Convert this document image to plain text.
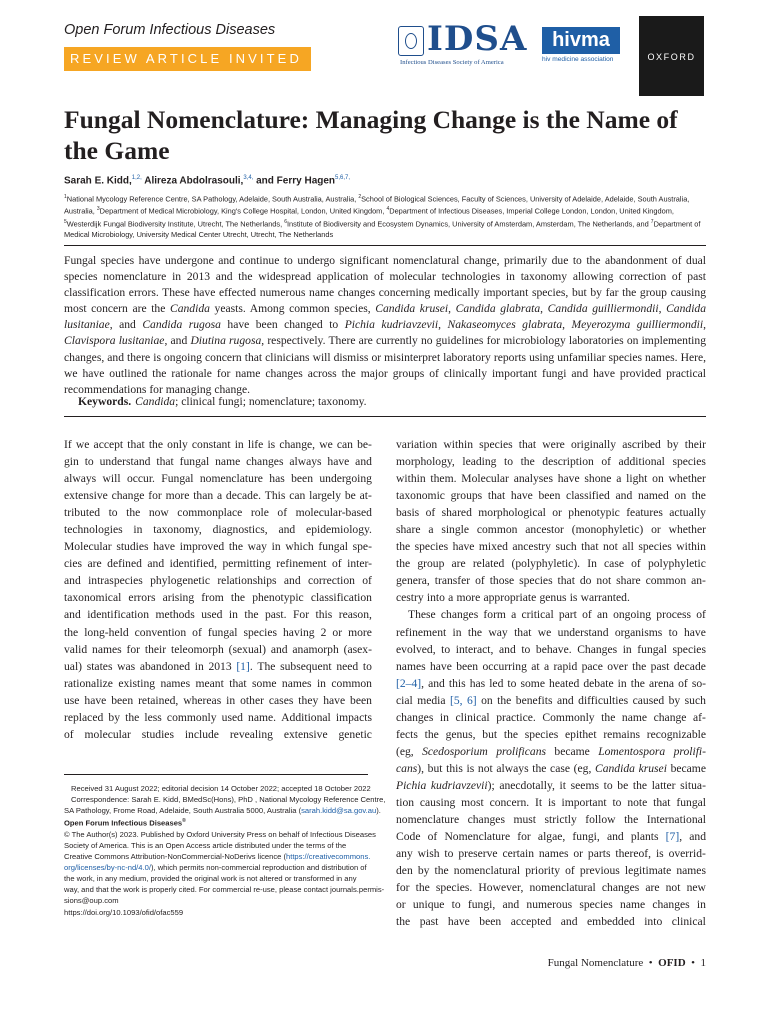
Open Forum Infectious Diseases
REVIEW ARTICLE INVITED	IDSA
Infectious Diseases Society of America
hivma
hiv medicine association	OXFORD
Fungal Nomenclature: Managing Change is the Name of the Game
Sarah E. Kidd,$^{1,2,}$ Alireza Abdolrasouli,$^{3,4,}$ and Ferry Hagen$^{5,6,7,}$
$^1$National Mycology Reference Centre, SA Pathology, Adelaide, South Australia, Australia, $^2$School of Biological Sciences, Faculty of Sciences, University of Adelaide, Adelaide, South Australia,
Australia, $^3$Department of Medical Microbiology, King's College Hospital, London, United Kingdom, $^4$Department of Infectious Diseases, Imperial College London, London, United Kingdom,
$^5$Westerdijk Fungal Biodiversity Institute, Utrecht, The Netherlands, $^6$Institute of Biodiversity and Ecosystem Dynamics, University of Amsterdam, Amsterdam, The Netherlands, and $^7$Department of
Medical Microbiology, University Medical Center Utrecht, Utrecht, The Netherlands
Fungal species have undergone and continue to undergo significant nomenclatural change, primarily due to the abandonment of dual species nomenclature in 2013 and the widespread application of molecular technologies in taxonomy allowing correction of past classification errors. These have effected numerous name changes concerning medically important species, but by far the group causing most concern are the Candida yeasts. Among common species, Candida krusei, Candida glabrata, Candida guilliermondii, Candida lusitaniae, and Candida rugosa have been changed to Pichia kudriavzevii, Nakaseomyces glabrata, Meyerozyma guilliermondii, Clavispora lusitaniae, and Diutina rugosa, respectively. There are currently no guidelines for microbiology laboratories on implementing changes, and there is ongoing concern that clinicians will dismiss or misinterpret laboratory reports using unfamiliar species names. Here, we have outlined the rationale for name changes across the major groups of clinically important fungi and have provided practical recommendations for managing change.
Keywords. Candida; clinical fungi; nomenclature; taxonomy.
If we accept that the only constant in life is change, we can be-
gin to understand that fungal name changes always have and
always will occur. Fungal nomenclature has been undergoing
extensive change for more than a decade. This can largely be at-
tributed to the now commonplace role of molecular-based
technologies in taxonomy, diagnostics, and epidemiology.
Molecular studies have improved the way in which fungal spe-
cies are defined and identified, permitting refinement of inter-
and intraspecies phylogenetic relationships and correction of
taxonomical errors arising from the phenotypic classification
and identification methods used in the past. For this reason,
the long-held convention of fungal species having 2 or more
valid names for their teleomorph (sexual) and anamorph (asex-
ual) states was abandoned in 2013 [1]. The subsequent need to
rationalize existing names meant that some names in common
use have been retained, whereas in other cases they have been
replaced by the less commonly used name. Additional impacts
of molecular studies include revealing extensive genetic
variation within species that were originally ascribed by their
morphology, leading to the description of additional species
within them. Molecular analyses have shone a light on whether
taxonomic groups that have been classified and named on the
basis of shared morphological or phenotypic features actually
share a single common ancestor (monophyletic) or whether
the species have mixed ancestry such that not all species within
the group are related (polyphyletic). In case of polyphyletic
genera, transfer of those species that do not share common an-
cestry into a more appropriate genus is warranted.
These changes form a critical part of an ongoing process of
refinement in the way that we understand organisms to have
evolved, to interact, and to behave. Changes in fungal species
names have been occurring at a rapid pace over the past decade
[2–4], and this has led to some heated debate in the arena of so-
cial media [5, 6] on the benefits and difficulties caused by such
changes in clinical practice. Commonly the name change af-
fects the genus, but the species epithet remains recognizable
(eg, Scedosporium prolificans became Lomentospora prolifi-
cans), but this is not always the case (eg, Candida krusei became
Pichia kudriavzevii); anecdotally, it seems to be the latter situa-
tion causing most concern. It is important to note that fungal
nomenclature changes must strictly follow the International
Code of Nomenclature for algae, fungi, and plants [7], and
any wish to preserve certain names or parts thereof, is overrid-
den by the nomenclatural priority of previous legitimate names
for the species. However, nomenclatural changes are not new
or unique to fungi, and numerous species name changes in
the past have been accepted and embedded into clinical
Received 31 August 2022; editorial decision 14 October 2022; accepted 18 October 2022
Correspondence: Sarah E. Kidd, BMedSc(Hons), PhD , National Mycology Reference Centre,
SA Pathology, Frome Road, Adelaide, South Australia 5000, Australia (sarah.kidd@sa.gov.au).
Open Forum Infectious Diseases®
© The Author(s) 2023. Published by Oxford University Press on behalf of Infectious Diseases
Society of America. This is an Open Access article distributed under the terms of the
Creative Commons Attribution-NonCommercial-NoDerivs licence (https://creativecommons.
org/licenses/by-nc-nd/4.0/), which permits non-commercial reproduction and distribution of
the work, in any medium, provided the original work is not altered or transformed in any
way, and that the work is properly cited. For commercial re-use, please contact journals.permis-
sions@oup.com
https://doi.org/10.1093/ofid/ofac559
Fungal Nomenclature  •  OFID  •  1
